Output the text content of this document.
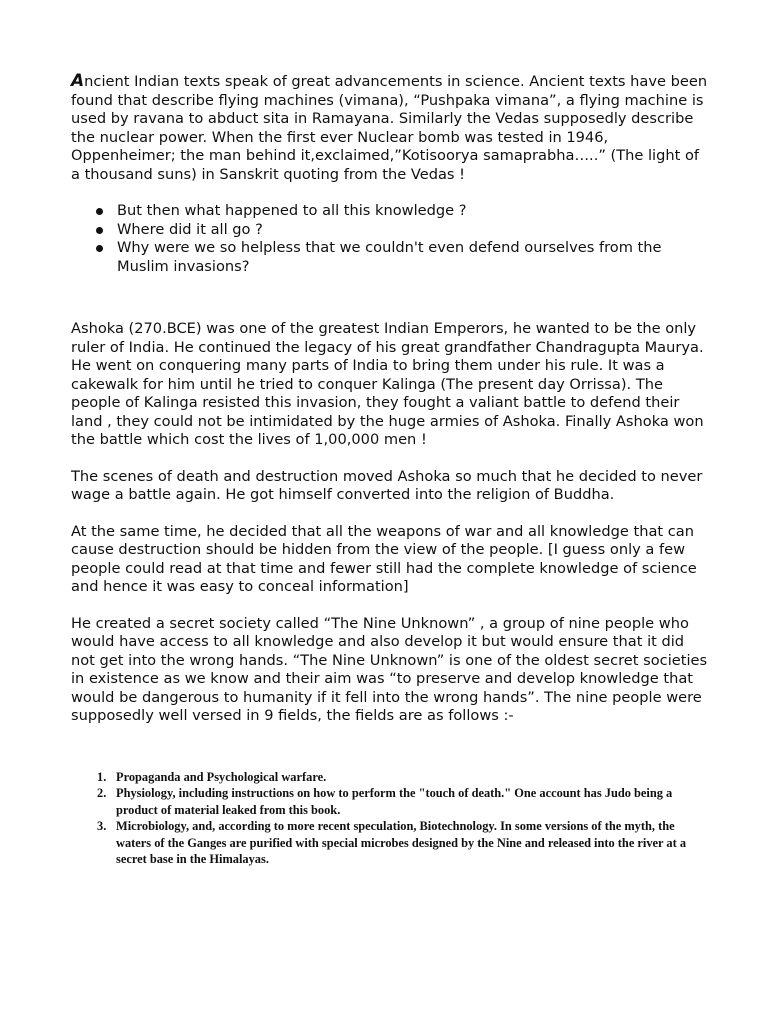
Ancient Indian texts speak of great advancements in science. Ancient texts have been found that describe flying machines (vimana), “Pushpaka vimana”, a flying machine is used by ravana to abduct sita in Ramayana. Similarly the Vedas supposedly describe the nuclear power. When the first ever Nuclear bomb was tested in 1946, Oppenheimer; the man behind it,exclaimed,”Kotisoorya samaprabha…..” (The light of a thousand suns) in Sanskrit quoting from the Vedas !

But then what happened to all this knowledge ?
Where did it all go ?
Why were we so helpless that we couldn't even defend ourselves from the Muslim invasions?

Ashoka (270.BCE) was one of the greatest Indian Emperors, he wanted to be the only ruler of India. He continued the legacy of his great grandfather Chandragupta Maurya. He went on conquering many parts of India to bring them under his rule. It was a cakewalk for him until he tried to conquer Kalinga (The present day Orrissa). The people of Kalinga resisted this invasion, they fought a valiant battle to defend their land , they could not be intimidated by the huge armies of Ashoka. Finally Ashoka won the battle which cost the lives of 1,00,000 men !

The scenes of death and destruction moved Ashoka so much that he decided to never wage a battle again. He got himself converted into the religion of Buddha.

At the same time, he decided that all the weapons of war and all knowledge that can cause destruction should be hidden from the view of the people. [I guess only a few people could read at that time and fewer still had the complete knowledge of science and hence it was easy to conceal information]

He created a secret society called “The Nine Unknown” , a group of nine people who would have access to all knowledge and also develop it but would ensure that it did not get into the wrong hands. “The Nine Unknown” is one of the oldest secret societies in existence as we know and their aim was “to preserve and develop knowledge that would be dangerous to humanity if it fell into the wrong hands”. The nine people were supposedly well versed in 9 fields, the fields are as follows :-

1. Propaganda and Psychological warfare.
2. Physiology, including instructions on how to perform the "touch of death." One account has Judo being a product of material leaked from this book.
3. Microbiology, and, according to more recent speculation, Biotechnology. In some versions of the myth, the waters of the Ganges are purified with special microbes designed by the Nine and released into the river at a secret base in the Himalayas.
